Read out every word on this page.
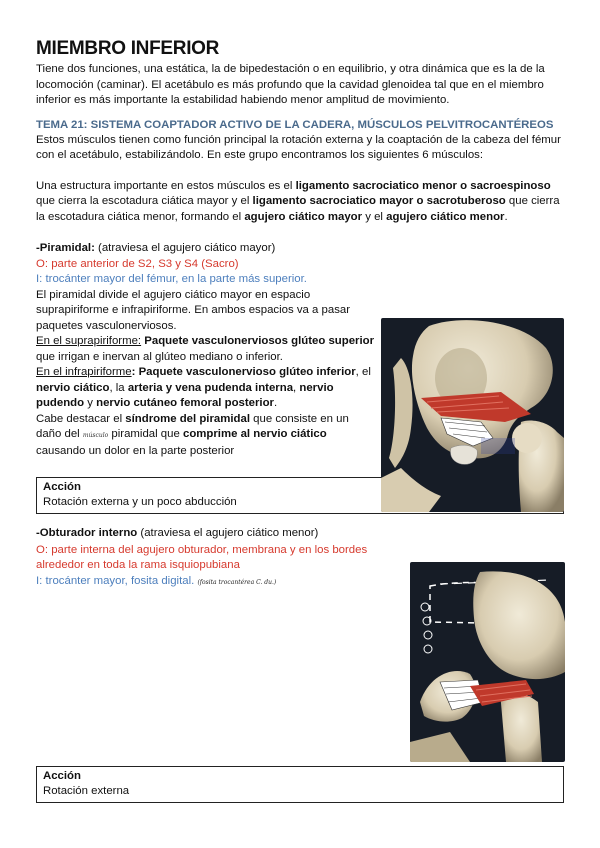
MIEMBRO INFERIOR

Tiene dos funciones, una estática, la de bipedestación o en equilibrio, y otra dinámica que es la de la locomoción (caminar). El acetábulo es más profundo que la cavidad glenoidea tal que en el miembro inferior es más importante la estabilidad habiendo menor amplitud de movimiento.

TEMA 21: SISTEMA COAPTADOR ACTIVO DE LA CADERA, MÚSCULOS PELVITROCANTÉREOS

Estos músculos tienen como función principal la rotación externa y la coaptación de la cabeza del fémur con el acetábulo, estabilizándolo. En este grupo encontramos los siguientes 6 músculos:

Una estructura importante en estos músculos es el ligamento sacrociatico menor o sacroespinoso que cierra la escotadura ciática mayor y el ligamento sacrociatico mayor o sacrotuberoso que cierra la escotadura ciática menor, formando el agujero ciático mayor y el agujero ciático menor.

-Piramidal: (atraviesa el agujero ciático mayor)

O: parte anterior de S2, S3 y S4 (Sacro)

I: trocánter mayor del fémur, en la parte más superior.

El piramidal divide el agujero ciático mayor en espacio suprapiriforme e infrapiriforme. En ambos espacios va a pasar paquetes vasculonerviosos.

En el suprapiriforme: Paquete vasculonerviosos glúteo superior que irrigan e inervan al glúteo mediano o inferior.

En el infrapiriforme: Paquete vasculonervioso glúteo inferior, el nervio ciático, la arteria y vena pudenda interna, nervio pudendo y nervio cutáneo femoral posterior.

Cabe destacar el síndrome del piramidal que consiste en un daño del músculo piramidal que comprime al nervio ciático causando un dolor en la parte posterior

Acción
Rotación externa y un poco abducción

-Obturador interno (atraviesa el agujero ciático menor)

O: parte interna del agujero obturador, membrana y en los bordes alrededor en toda la rama isquiopubiana

I: trocánter mayor, fosita digital. (fosita trocantérea C. du.)

Acción
Rotación externa
